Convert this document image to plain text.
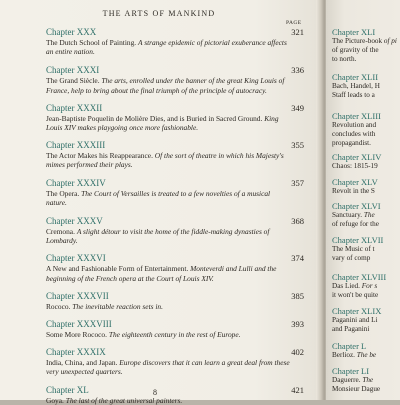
Chapter XLI
The Picture-book of pi
of gravity of the
to north.
Chapter XLII
Bach, Handel, H
Staff leads to a
Chapter XLIII
Revolution and
concludes with
propagandist.
Chapter XLIV
Chaos: 1815-19
Chapter XLV
Revolt in the S
Chapter XLVI
Sanctuary. The
of refuge for the
Chapter XLVII
The Music of t
vary of comp
Chapter XLVIII
Das Lied. For s
it won't be quite
Chapter XLIX
Paganini and Li
and Paganini
Chapter L
Berlioz. The be
Chapter LI
Daguerre. The
Monsieur Dague
THE ARTS OF MANKIND
PAGE
Chapter XXX	321
The Dutch School of Painting. A strange epidemic of pictorial exuberance affects an entire nation.
Chapter XXXI	336
The Grand Siècle. The arts, enrolled under the banner of the great King Louis of France, help to bring about the final triumph of the principle of autocracy.
Chapter XXXII	349
Jean-Baptiste Poquelin de Molière Dies, and is Buried in Sacred Ground. King Louis XIV makes playgoing once more fashionable.
Chapter XXXIII	355
The Actor Makes his Reappearance. Of the sort of theatre in which his Majesty's mimes performed their plays.
Chapter XXXIV	357
The Opera. The Court of Versailles is treated to a few novelties of a musical nature.
Chapter XXXV	368
Cremona. A slight détour to visit the home of the fiddle-making dynasties of Lombardy.
Chapter XXXVI	374
A New and Fashionable Form of Entertainment. Monteverdi and Lulli and the beginning of the French opera at the Court of Louis XIV.
Chapter XXXVII	385
Rococo. The inevitable reaction sets in.
Chapter XXXVIII	393
Some More Rococo. The eighteenth century in the rest of Europe.
Chapter XXXIX	402
India, China, and Japan. Europe discovers that it can learn a great deal from these very unexpected quarters.
Chapter XL	421
Goya. The last of the great universal painters.
8
